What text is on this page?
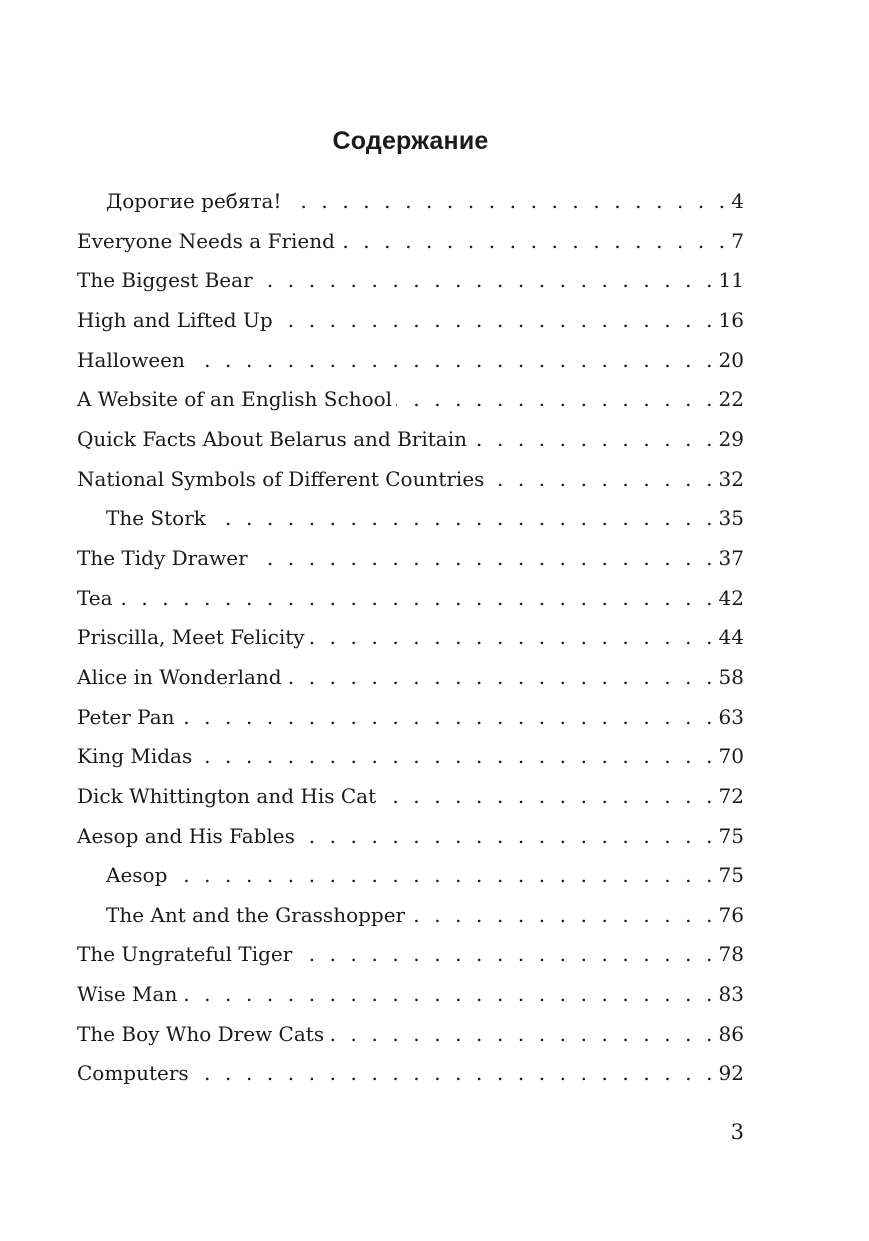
Содержание
Дорогие ребята! . . .	4
Everyone Needs a Friend . . .	7
The Biggest Bear . . .	11
High and Lifted Up . . .	16
Halloween . . .	20
A Website of an English School . . .	22
Quick Facts About Belarus and Britain . . .	29
National Symbols of Different Countries . . .	32
The Stork . . .	35
The Tidy Drawer . . .	37
Tea . . .	42
Priscilla, Meet Felicity . . .	44
Alice in Wonderland . . .	58
Peter Pan . . .	63
King Midas . . .	70
Dick Whittington and His Cat . . .	72
Aesop and His Fables . . .	75
Aesop . . .	75
The Ant and the Grasshopper . . .	76
The Ungrateful Tiger . . .	78
Wise Man . . .	83
The Boy Who Drew Cats . . .	86
Computers . . .	92
3
